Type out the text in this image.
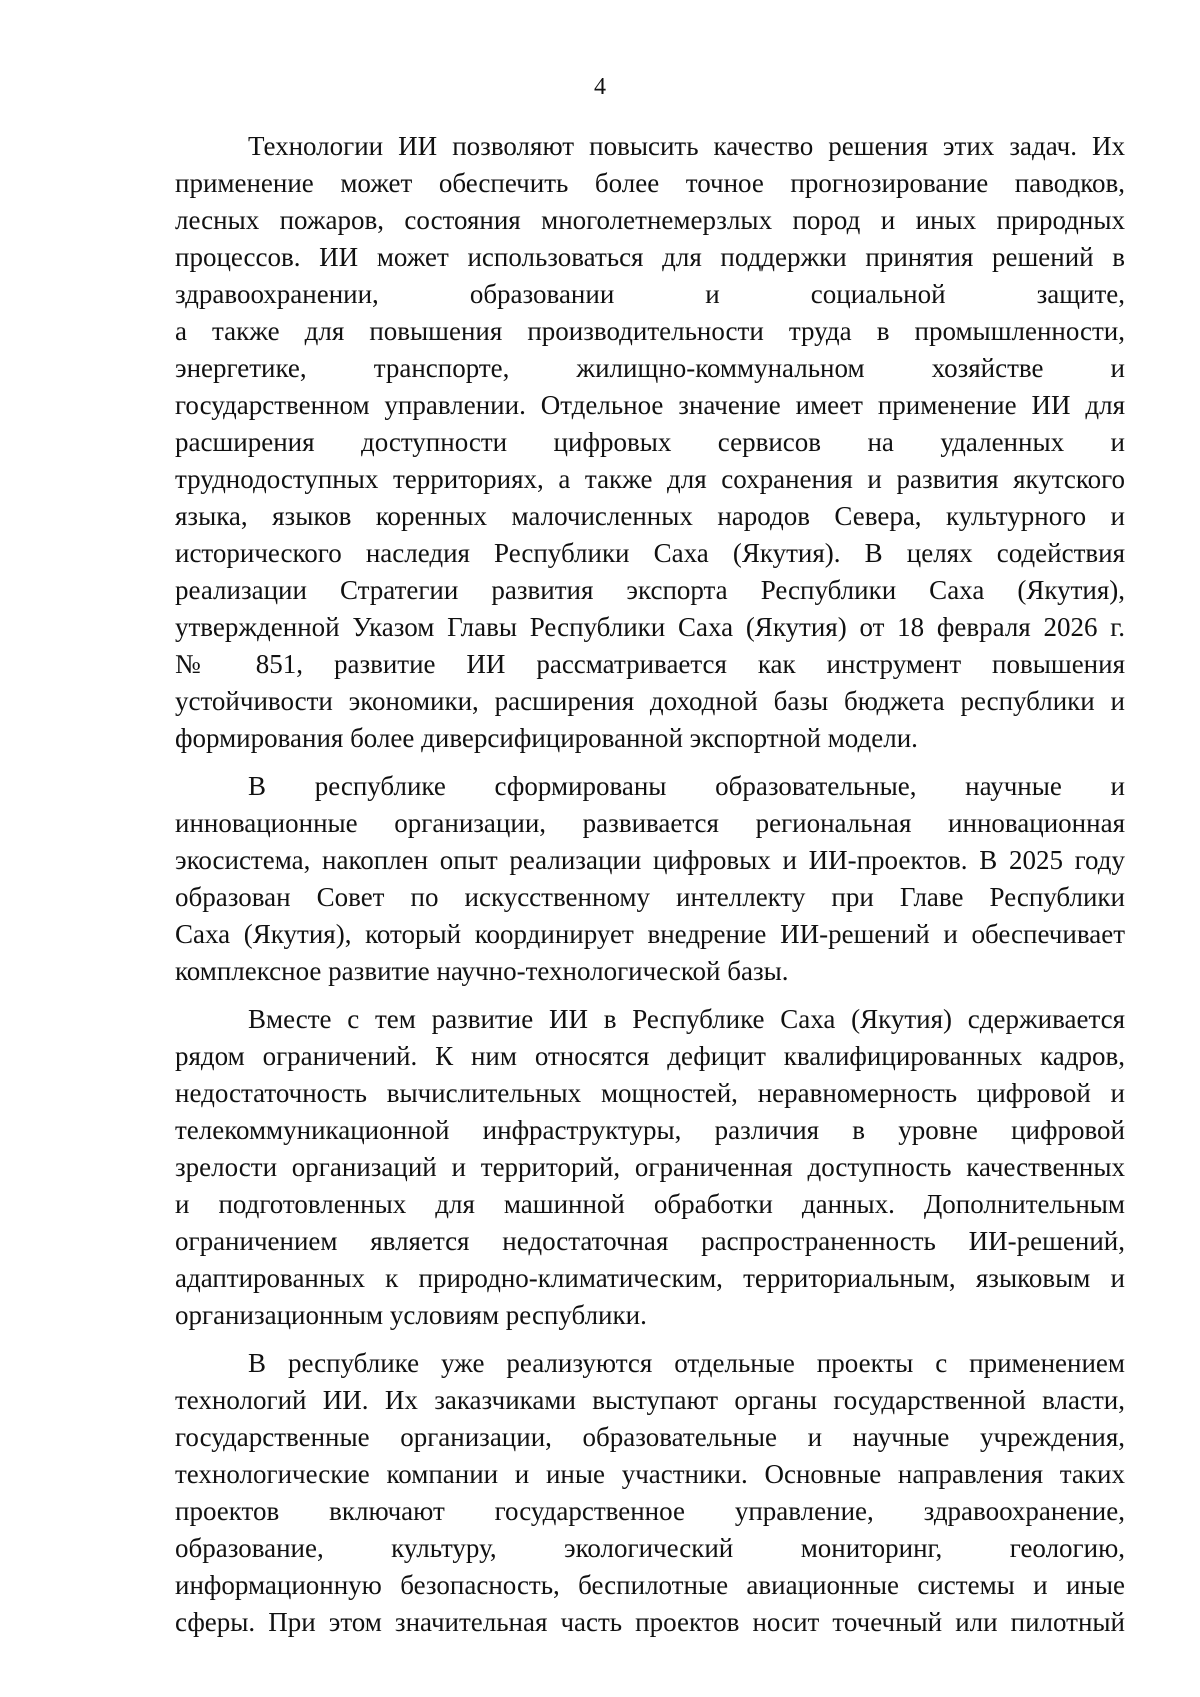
4
Технологии ИИ позволяют повысить качество решения этих задач. Их
применение может обеспечить более точное прогнозирование паводков,
лесных пожаров, состояния многолетнемерзлых пород и иных природных
процессов. ИИ может использоваться для поддержки принятия решений в
здравоохранении, образовании и социальной защите,
а также для повышения производительности труда в промышленности,
энергетике, транспорте, жилищно-коммунальном хозяйстве и
государственном управлении. Отдельное значение имеет применение ИИ для
расширения доступности цифровых сервисов на удаленных и
труднодоступных территориях, а также для сохранения и развития якутского
языка, языков коренных малочисленных народов Севера, культурного и
исторического наследия Республики Саха (Якутия). В целях содействия
реализации Стратегии развития экспорта Республики Саха (Якутия),
утвержденной Указом Главы Республики Саха (Якутия) от 18 февраля 2026 г.
№ 851, развитие ИИ рассматривается как инструмент повышения
устойчивости экономики, расширения доходной базы бюджета республики и
формирования более диверсифицированной экспортной модели.
В республике сформированы образовательные, научные и
инновационные организации, развивается региональная инновационная
экосистема, накоплен опыт реализации цифровых и ИИ-проектов. В 2025 году
образован Совет по искусственному интеллекту при Главе Республики
Саха (Якутия), который координирует внедрение ИИ-решений и обеспечивает
комплексное развитие научно-технологической базы.
Вместе с тем развитие ИИ в Республике Саха (Якутия) сдерживается
рядом ограничений. К ним относятся дефицит квалифицированных кадров,
недостаточность вычислительных мощностей, неравномерность цифровой и
телекоммуникационной инфраструктуры, различия в уровне цифровой
зрелости организаций и территорий, ограниченная доступность качественных
и подготовленных для машинной обработки данных. Дополнительным
ограничением является недостаточная распространенность ИИ-решений,
адаптированных к природно-климатическим, территориальным, языковым и
организационным условиям республики.
В республике уже реализуются отдельные проекты с применением
технологий ИИ. Их заказчиками выступают органы государственной власти,
государственные организации, образовательные и научные учреждения,
технологические компании и иные участники. Основные направления таких
проектов включают государственное управление, здравоохранение,
образование, культуру, экологический мониторинг, геологию,
информационную безопасность, беспилотные авиационные системы и иные
сферы. При этом значительная часть проектов носит точечный или пилотный
